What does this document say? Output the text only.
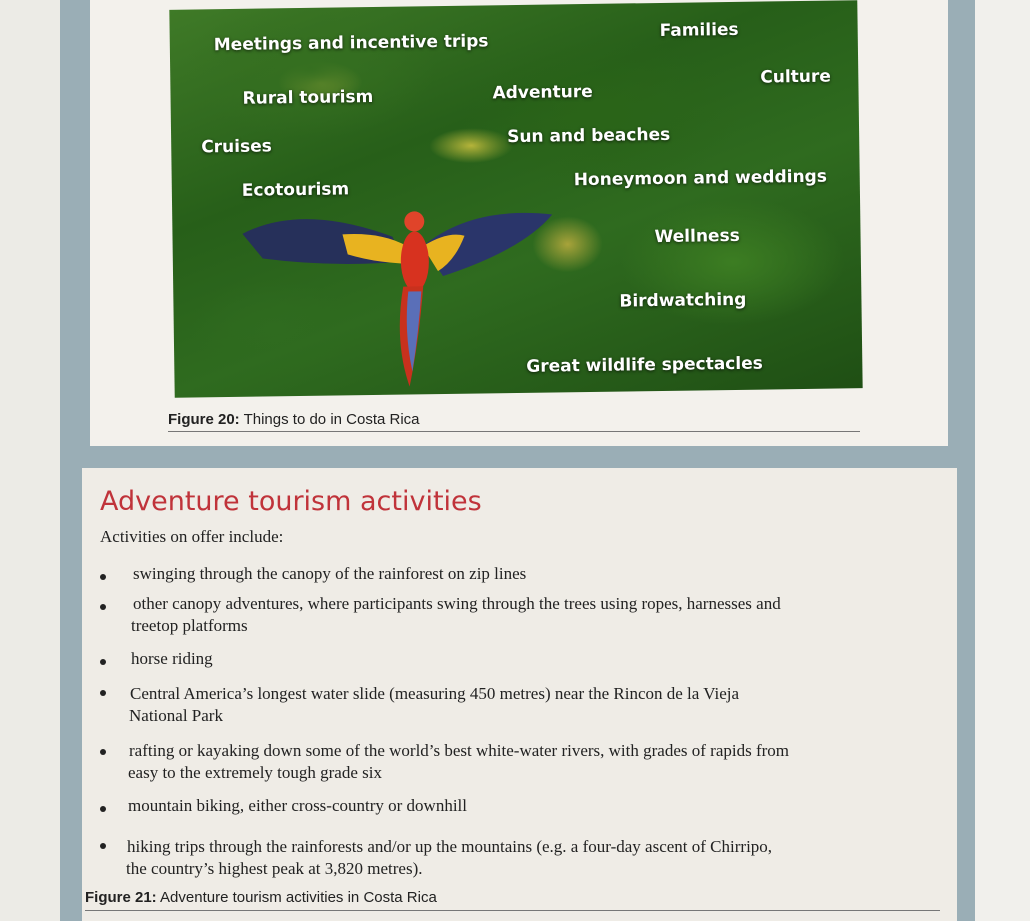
Meetings and incentive trips
Families
Rural tourism	Adventure
Culture
Cruises	Sun and beaches
Ecotourism	Honeymoon and weddings
Wellness
Birdwatching
Great wildlife spectacles
Figure 20: Things to do in Costa Rica
Adventure tourism activities
Activities on offer include:
swinging through the canopy of the rainforest on zip lines
other canopy adventures, where participants swing through the trees using ropes, harnesses and
treetop platforms
horse riding
Central America’s longest water slide (measuring 450 metres) near the Rincon de la Vieja
National Park
rafting or kayaking down some of the world’s best white-water rivers, with grades of rapids from
easy to the extremely tough grade six
mountain biking, either cross-country or downhill
hiking trips through the rainforests and/or up the mountains (e.g. a four-day ascent of Chirripo,
the country’s highest peak at 3,820 metres).
Figure 21: Adventure tourism activities in Costa Rica
